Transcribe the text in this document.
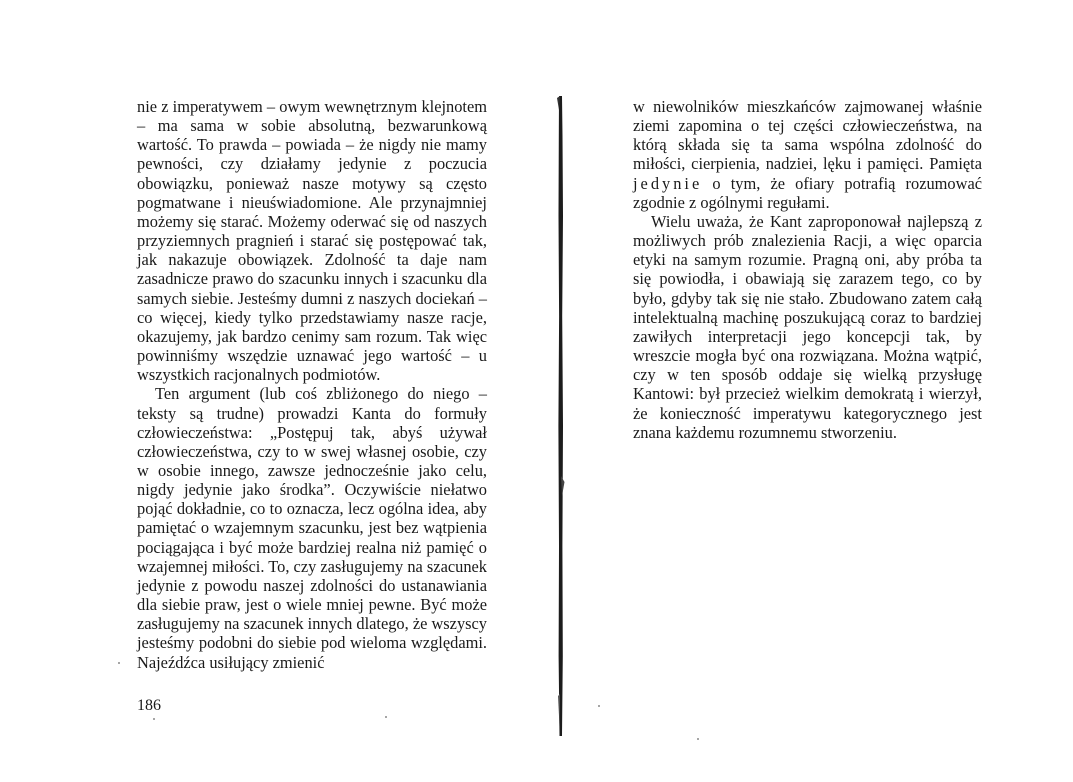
nie z imperatywem – owym wewnętrznym klejnotem – ma sama w sobie absolutną, bezwarunkową wartość. To prawda – powiada – że nigdy nie mamy pewności, czy działamy jedynie z poczucia obowiązku, ponieważ nasze motywy są często pogmatwane i nieuświadomione. Ale przynajmniej możemy się starać. Możemy oderwać się od naszych przyziemnych pragnień i starać się postępować tak, jak nakazuje obowiązek. Zdolność ta daje nam zasadnicze prawo do szacunku innych i szacunku dla samych siebie. Jesteśmy dumni z naszych dociekań – co więcej, kiedy tylko przedstawiamy nasze racje, okazujemy, jak bardzo cenimy sam rozum. Tak więc powinniśmy wszędzie uznawać jego wartość – u wszystkich racjonalnych podmiotów.

Ten argument (lub coś zbliżonego do niego – teksty są trudne) prowadzi Kanta do formuły człowieczeństwa: „Postępuj tak, abyś używał człowieczeństwa, czy to w swej własnej osobie, czy w osobie innego, zawsze jednocześnie jako celu, nigdy jedynie jako środka”. Oczywiście niełatwo pojąć dokładnie, co to oznacza, lecz ogólna idea, aby pamiętać o wzajemnym szacunku, jest bez wątpienia pociągająca i być może bardziej realna niż pamięć o wzajemnej miłości. To, czy zasługujemy na szacunek jedynie z powodu naszej zdolności do ustanawiania dla siebie praw, jest o wiele mniej pewne. Być może zasługujemy na szacunek innych dlatego, że wszyscy jesteśmy podobni do siebie pod wieloma względami. Najeźdźca usiłujący zmienić

186

w niewolników mieszkańców zajmowanej właśnie ziemi zapomina o tej części człowieczeństwa, na którą składa się ta sama wspólna zdolność do miłości, cierpienia, nadziei, lęku i pamięci. Pamięta jedynie o tym, że ofiary potrafią rozumować zgodnie z ogólnymi regułami.

Wielu uważa, że Kant zaproponował najlepszą z możliwych prób znalezienia Racji, a więc oparcia etyki na samym rozumie. Pragną oni, aby próba ta się powiodła, i obawiają się zarazem tego, co by było, gdyby tak się nie stało. Zbudowano zatem całą intelektualną machinę poszukującą coraz to bardziej zawiłych interpretacji jego koncepcji tak, by wreszcie mogła być ona rozwiązana. Można wątpić, czy w ten sposób oddaje się wielką przysługę Kantowi: był przecież wielkim demokratą i wierzył, że konieczność imperatywu kategorycznego jest znana każdemu rozumnemu stworzeniu.
